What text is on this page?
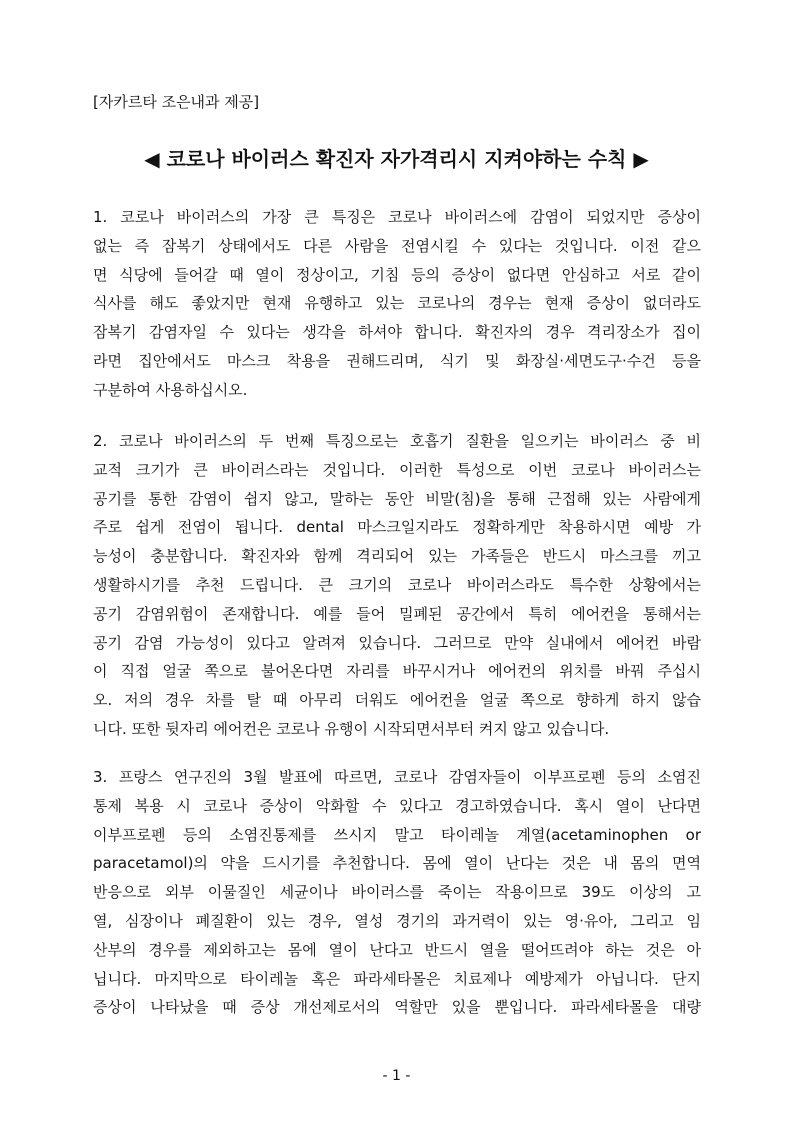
[자카르타 조은내과 제공]
◀ 코로나 바이러스 확진자 자가격리시 지켜야하는 수칙 ▶
1. 코로나 바이러스의 가장 큰 특징은 코로나 바이러스에 감염이 되었지만 증상이
없는 즉 잠복기 상태에서도 다른 사람을 전염시킬 수 있다는 것입니다. 이전 같으
면 식당에 들어갈 때 열이 정상이고, 기침 등의 증상이 없다면 안심하고 서로 같이
식사를 해도 좋았지만 현재 유행하고 있는 코로나의 경우는 현재 증상이 없더라도
잠복기 감염자일 수 있다는 생각을 하셔야 합니다. 확진자의 경우 격리장소가 집이
라면 집안에서도 마스크 착용을 권해드리며, 식기 및 화장실·세면도구·수건 등을
구분하여 사용하십시오.
2. 코로나 바이러스의 두 번째 특징으로는 호흡기 질환을 일으키는 바이러스 중 비
교적 크기가 큰 바이러스라는 것입니다. 이러한 특성으로 이번 코로나 바이러스는
공기를 통한 감염이 쉽지 않고, 말하는 동안 비말(침)을 통해 근접해 있는 사람에게
주로 쉽게 전염이 됩니다. dental 마스크일지라도 정확하게만 착용하시면 예방 가
능성이 충분합니다. 확진자와 함께 격리되어 있는 가족들은 반드시 마스크를 끼고
생활하시기를 추천 드립니다. 큰 크기의 코로나 바이러스라도 특수한 상황에서는
공기 감염위험이 존재합니다. 예를 들어 밀폐된 공간에서 특히 에어컨을 통해서는
공기 감염 가능성이 있다고 알려져 있습니다. 그러므로 만약 실내에서 에어컨 바람
이 직접 얼굴 쪽으로 불어온다면 자리를 바꾸시거나 에어컨의 위치를 바꿔 주십시
오. 저의 경우 차를 탈 때 아무리 더워도 에어컨을 얼굴 쪽으로 향하게 하지 않습
니다. 또한 뒷자리 에어컨은 코로나 유행이 시작되면서부터 켜지 않고 있습니다.
3. 프랑스 연구진의 3월 발표에 따르면, 코로나 감염자들이 이부프로펜 등의 소염진
통제 복용 시 코로나 증상이 악화할 수 있다고 경고하였습니다. 혹시 열이 난다면
이부프로펜 등의 소염진통제를 쓰시지 말고 타이레놀 계열(acetaminophen or
paracetamol)의 약을 드시기를 추천합니다. 몸에 열이 난다는 것은 내 몸의 면역
반응으로 외부 이물질인 세균이나 바이러스를 죽이는 작용이므로 39도 이상의 고
열, 심장이나 폐질환이 있는 경우, 열성 경기의 과거력이 있는 영·유아, 그리고 임
산부의 경우를 제외하고는 몸에 열이 난다고 반드시 열을 떨어뜨려야 하는 것은 아
닙니다. 마지막으로 타이레놀 혹은 파라세타몰은 치료제나 예방제가 아닙니다. 단지
증상이 나타났을 때 증상 개선제로서의 역할만 있을 뿐입니다. 파라세타몰을 대량
- 1 -
